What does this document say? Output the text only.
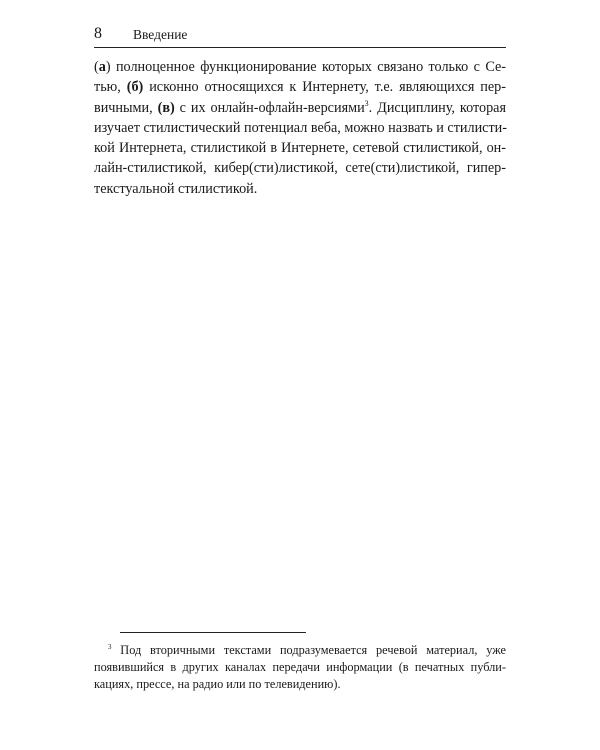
8 Введение
(а) полноценное функционирование которых связано только с Се-
тью, (б) исконно относящихся к Интернету, т.е. являющихся пер-
вичными, (в) с их онлайн-офлайн-версиями$^3$. Дисциплину, которая
изучает стилистический потенциал веба, можно назвать и стилисти-
кой Интернета, стилистикой в Интернете, сетевой стилистикой, он-
лайн-стилистикой, кибер(сти)листикой, сете(сти)листикой, гипер-
текстуальной стилистикой.
$^3$ Под вторичными текстами подразумевается речевой материал, уже
появившийся в других каналах передачи информации (в печатных публи-
кациях, прессе, на радио или по телевидению).
